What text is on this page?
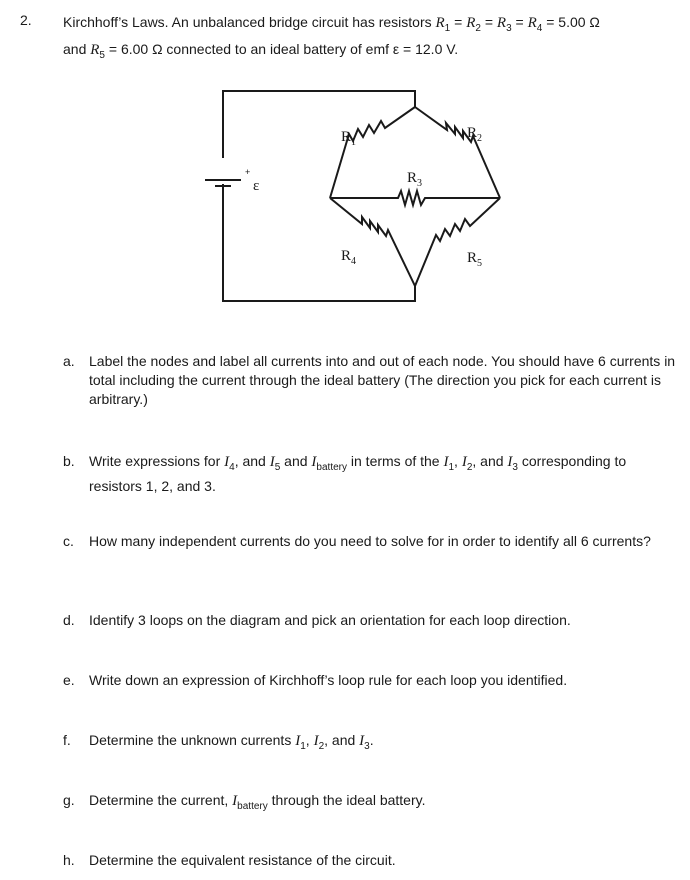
2. Kirchhoff’s Laws. An unbalanced bridge circuit has resistors $R_1 = R_2 = R_3 = R_4 = 5.00$ Ω
and $R_5 = 6.00$ Ω connected to an ideal battery of emf ε = 12.0 V.
+
ε
$R_1$
$R_2$
$R_3$
$R_4$	$R_5$
a. Label the nodes and label all currents into and out of each node. You should have 6 currents in total including the current through the ideal battery (The direction you pick for each current is arbitrary.)
b. Write expressions for $I_4$, and $I_5$ and $I_{battery}$ in terms of the $I_1$, $I_2$, and $I_3$ corresponding to resistors 1, 2, and 3.
c. How many independent currents do you need to solve for in order to identify all 6 currents?
d. Identify 3 loops on the diagram and pick an orientation for each loop direction.
e. Write down an expression of Kirchhoff’s loop rule for each loop you identified.
f. Determine the unknown currents $I_1$, $I_2$, and $I_3$.
g. Determine the current, $I_{battery}$ through the ideal battery.
h. Determine the equivalent resistance of the circuit.
